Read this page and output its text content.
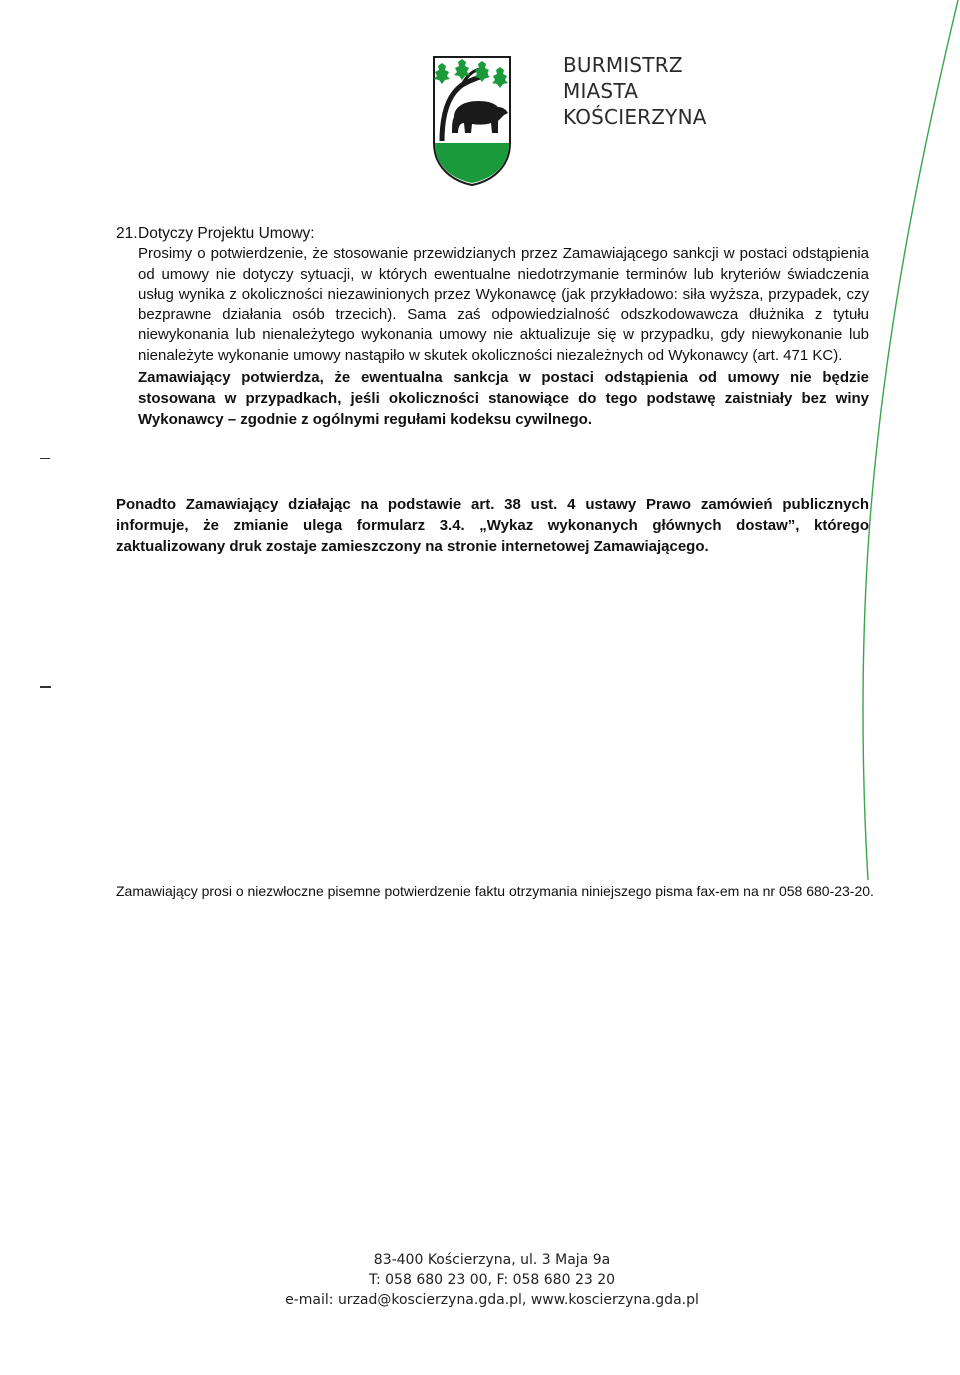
BURMISTRZ
MIASTA
KOŚCIERZYNA
21. Dotyczy Projektu Umowy:
Prosimy o potwierdzenie, że stosowanie przewidzianych przez Zamawiającego sankcji w postaci odstąpienia od umowy nie dotyczy sytuacji, w których ewentualne niedotrzymanie terminów lub kryteriów świadczenia usług wynika z okoliczności niezawinionych przez Wykonawcę (jak przykładowo: siła wyższa, przypadek, czy bezprawne działania osób trzecich). Sama zaś odpowiedzialność odszkodowawcza dłużnika z tytułu niewykonania lub nienależytego wykonania umowy nie aktualizuje się w przypadku, gdy niewykonanie lub nienależyte wykonanie umowy nastąpiło w skutek okoliczności niezależnych od Wykonawcy (art. 471 KC).
Zamawiający potwierdza, że ewentualna sankcja w postaci odstąpienia od umowy nie będzie stosowana w przypadkach, jeśli okoliczności stanowiące do tego podstawę zaistniały bez winy Wykonawcy – zgodnie z ogólnymi regułami kodeksu cywilnego.
Ponadto Zamawiający działając na podstawie art. 38 ust. 4 ustawy Prawo zamówień publicznych informuje, że zmianie ulega formularz 3.4. „Wykaz wykonanych głównych dostaw”, którego zaktualizowany druk zostaje zamieszczony na stronie internetowej Zamawiającego.
Zamawiający prosi o niezwłoczne pisemne potwierdzenie faktu otrzymania niniejszego pisma fax-em na nr 058 680-23-20.
83-400 Kościerzyna, ul. 3 Maja 9a
T: 058 680 23 00, F: 058 680 23 20
e-mail: urzad@koscierzyna.gda.pl, www.koscierzyna.gda.pl
